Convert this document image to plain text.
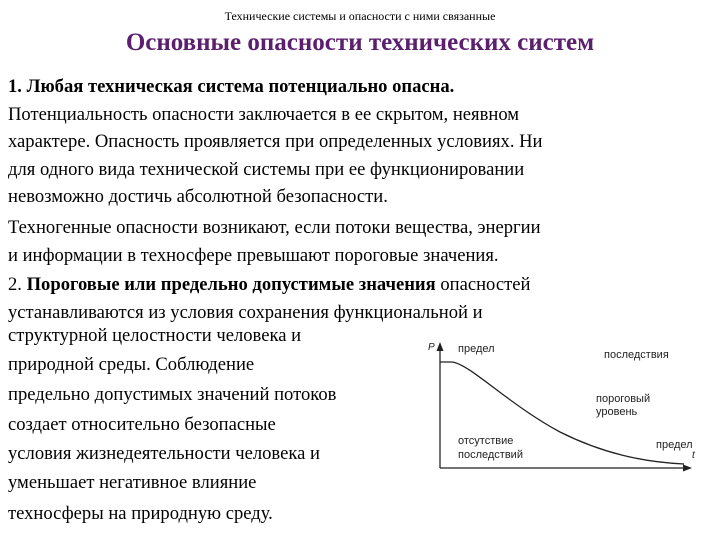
Технические системы и опасности с ними связанные
Основные опасности технических систем
1. Любая техническая система потенциально опасна.
Потенциальность опасности заключается в ее скрытом, неявном
характере. Опасность проявляется при определенных условиях. Ни
для одного вида технической системы при ее функционировании
невозможно достичь абсолютной безопасности.
Техногенные опасности возникают, если потоки вещества, энергии
и информации в техносфере превышают пороговые значения.
2. Пороговые или предельно допустимые значения опасностей
устанавливаются из условия сохранения функциональной и
структурной целостности человека и
природной среды. Соблюдение
предельно допустимых значений потоков
создает относительно безопасные
условия жизнедеятельности человека и
уменьшает негативное влияние
техносферы на природную среду.
P
t
предел	последствия
пороговый
уровень
отсутствие
последствий
предел
